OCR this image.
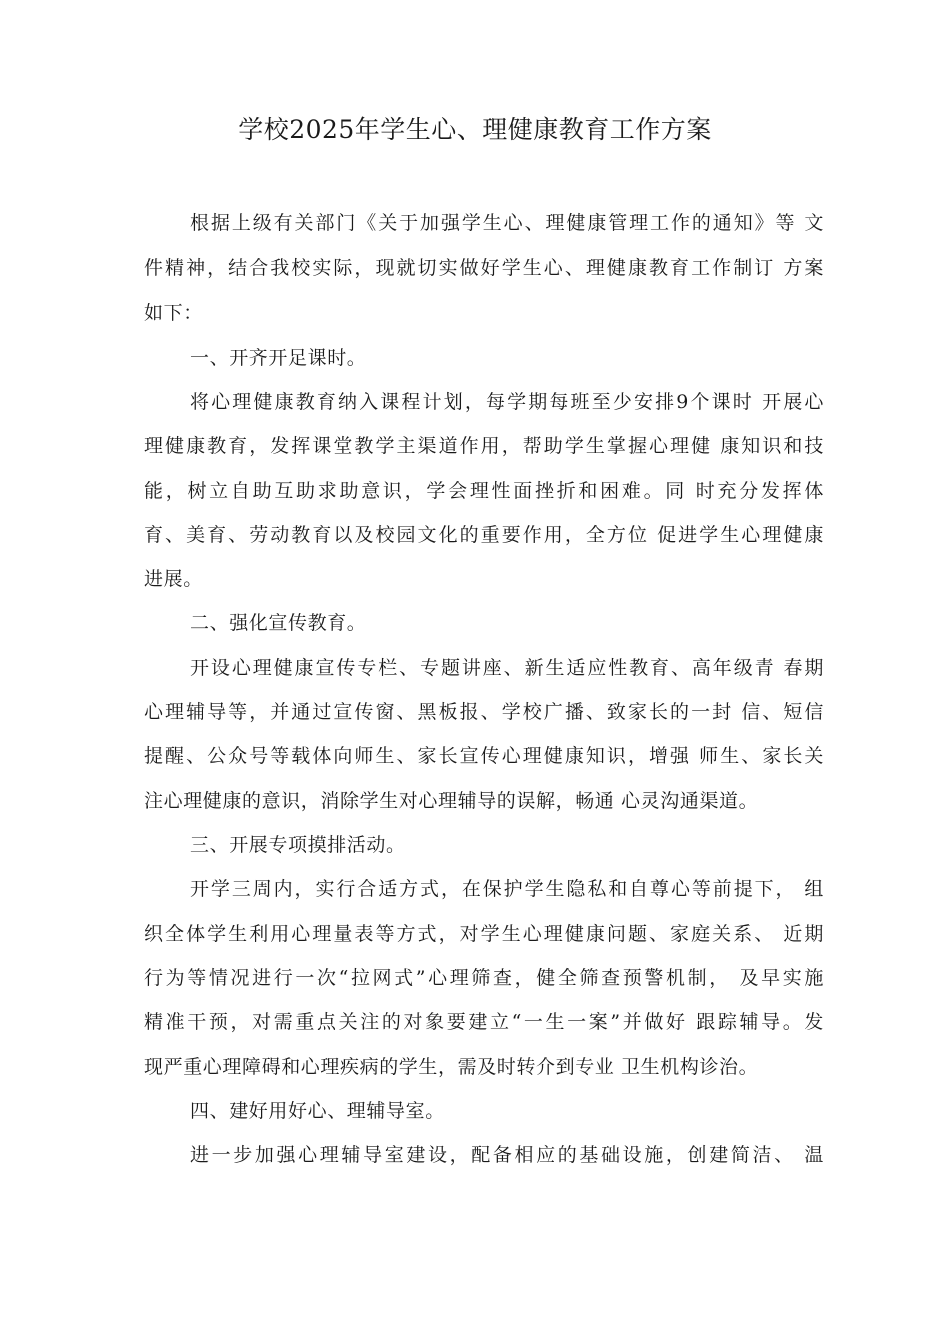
学校2025年学生心、理健康教育工作方案
根据上级有关部门《关于加强学生心、理健康管理工作的通知》等 文
件精神，结合我校实际，现就切实做好学生心、理健康教育工作制订 方案
如下：
一、开齐开足课时。
将心理健康教育纳入课程计划，每学期每班至少安排9个课时 开展心
理健康教育，发挥课堂教学主渠道作用，帮助学生掌握心理健 康知识和技
能，树立自助互助求助意识，学会理性面挫折和困难。同 时充分发挥体
育、美育、劳动教育以及校园文化的重要作用，全方位 促进学生心理健康
进展。
二、强化宣传教育。
开设心理健康宣传专栏、专题讲座、新生适应性教育、高年级青 春期
心理辅导等，并通过宣传窗、黑板报、学校广播、致家长的一封 信、短信
提醒、公众号等载体向师生、家长宣传心理健康知识，增强 师生、家长关
注心理健康的意识，消除学生对心理辅导的误解，畅通 心灵沟通渠道。
三、开展专项摸排活动。
开学三周内，实行合适方式，在保护学生隐私和自尊心等前提下， 组
织全体学生利用心理量表等方式，对学生心理健康问题、家庭关系、 近期
行为等情况进行一次“拉网式”心理筛查，健全筛查预警机制， 及早实施
精准干预，对需重点关注的对象要建立“一生一案”并做好 跟踪辅导。发
现严重心理障碍和心理疾病的学生，需及时转介到专业 卫生机构诊治。
四、建好用好心、理辅导室。
进一步加强心理辅导室建设，配备相应的基础设施，创建简洁、 温
